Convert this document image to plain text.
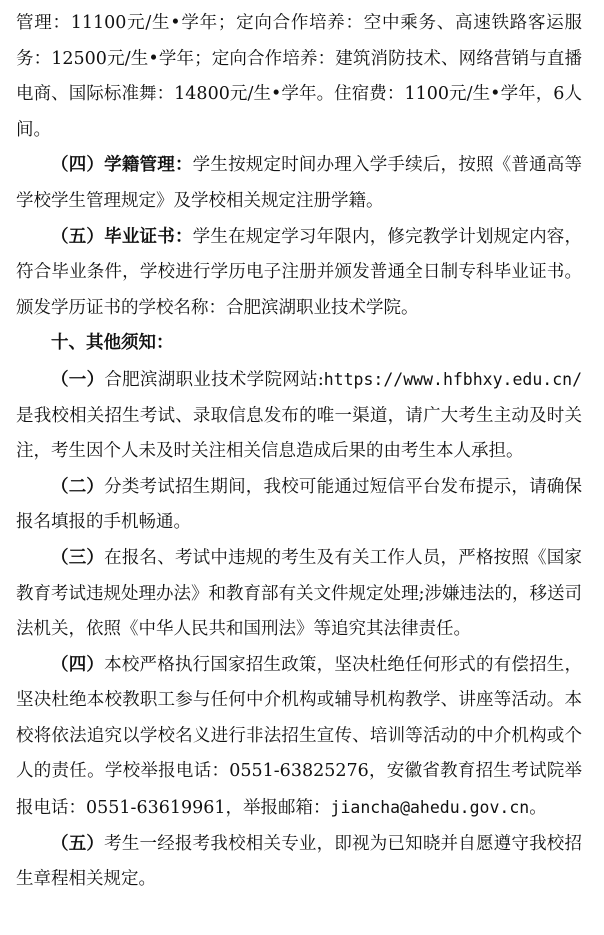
管理：11100元/生•学年；定向合作培养：空中乘务、高速铁路客运服务：12500元/生•学年；定向合作培养：建筑消防技术、网络营销与直播电商、国际标准舞：14800元/生•学年。住宿费：1100元/生•学年，6人间。

（四）学籍管理：学生按规定时间办理入学手续后，按照《普通高等学校学生管理规定》及学校相关规定注册学籍。

（五）毕业证书：学生在规定学习年限内，修完教学计划规定内容，符合毕业条件，学校进行学历电子注册并颁发普通全日制专科毕业证书。颁发学历证书的学校名称：合肥滨湖职业技术学院。

十、其他须知：

（一）合肥滨湖职业技术学院网站:https://www.hfbhxy.edu.cn/是我校相关招生考试、录取信息发布的唯一渠道，请广大考生主动及时关注，考生因个人未及时关注相关信息造成后果的由考生本人承担。

（二）分类考试招生期间，我校可能通过短信平台发布提示，请确保报名填报的手机畅通。

（三）在报名、考试中违规的考生及有关工作人员，严格按照《国家教育考试违规处理办法》和教育部有关文件规定处理;涉嫌违法的，移送司法机关，依照《中华人民共和国刑法》等追究其法律责任。

（四）本校严格执行国家招生政策，坚决杜绝任何形式的有偿招生，坚决杜绝本校教职工参与任何中介机构或辅导机构教学、讲座等活动。本校将依法追究以学校名义进行非法招生宣传、培训等活动的中介机构或个人的责任。学校举报电话：0551-63825276，安徽省教育招生考试院举报电话：0551-63619961，举报邮箱：jiancha@ahedu.gov.cn。

（五）考生一经报考我校相关专业，即视为已知晓并自愿遵守我校招生章程相关规定。
